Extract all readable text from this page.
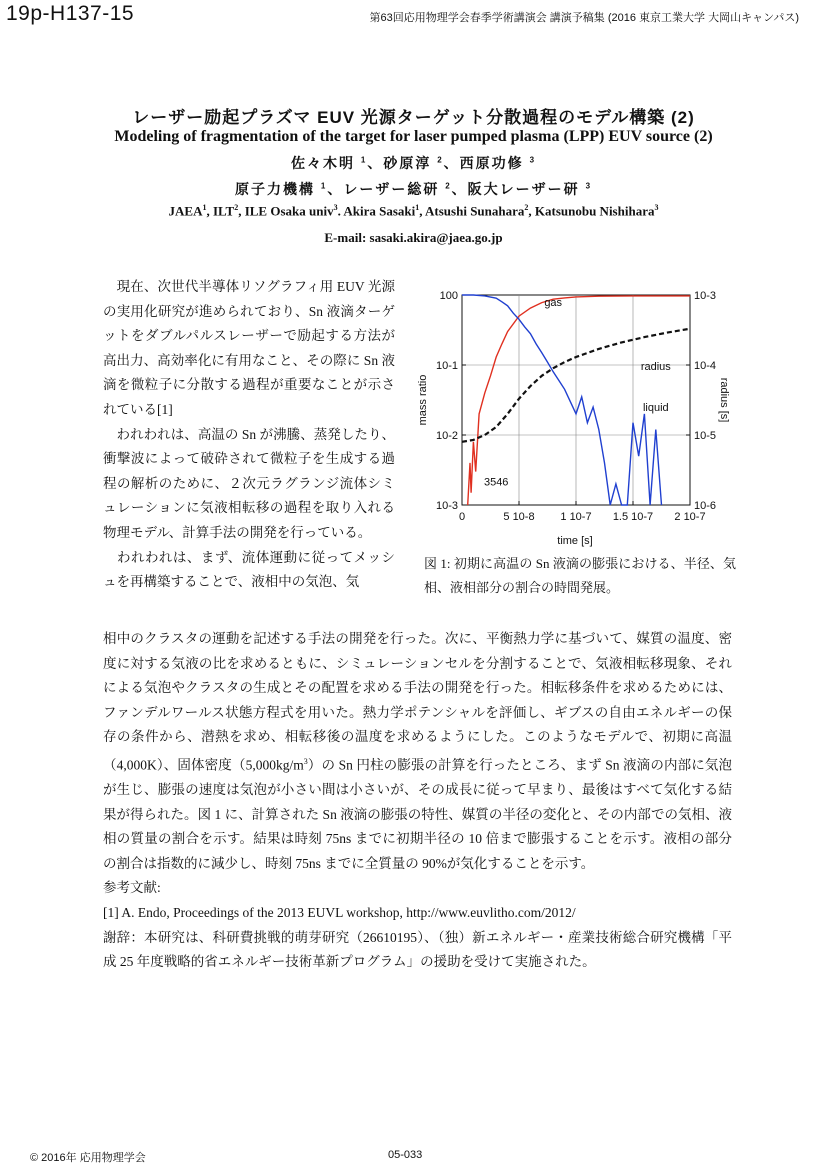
19p-H137-15	第63回応用物理学会春季学術講演会 講演予稿集 (2016 東京工業大学 大岡山キャンパス)
レーザー励起プラズマ EUV 光源ターゲット分散過程のモデル構築 (2)
Modeling of fragmentation of the target for laser pumped plasma (LPP) EUV source (2)
佐々木明 $^1$、砂原淳 $^2$、西原功修 $^3$
原子力機構 $^1$、レーザー総研 $^2$、阪大レーザー研 $^3$
JAEA$^1$, ILT$^2$, ILE Osaka univ$^3$. Akira Sasaki$^1$, Atsushi Sunahara$^2$, Katsunobu Nishihara$^3$
E-mail: sasaki.akira@jaea.go.jp

　現在、次世代半導体リソグラフィ用 EUV 光源の実用化研究が進められており、Sn 液滴ターゲットをダブルパルスレーザーで励起する方法が高出力、高効率化に有用なこと、その際に Sn 液滴を微粒子に分散する過程が重要なことが示されている[1]

　われわれは、高温の Sn が沸騰、蒸発したり、衝撃波によって破砕されて微粒子を生成する過程の解析のために、２次元ラグランジ流体シミュレーションに気液相転移の過程を取り入れる物理モデル、計算手法の開発を行っている。

　われわれは、まず、流体運動に従ってメッシュを再構築することで、液相中の気泡、気

0	5 10-8 1 10-7 1.5 10-7 2 10-7
10-3
10-2
10-1
100
10-6
10-5
10-4
10-3
gas
radius
liquid
3546
time [s]
mass ratio	radius [s]
図 1: 初期に高温の Sn 液滴の膨張における、半径、気相、液相部分の割合の時間発展。

相中のクラスタの運動を記述する手法の開発を行った。次に、平衡熱力学に基づいて、媒質の温度、密度に対する気液の比を求めるともに、シミュレーションセルを分割することで、気液相転移現象、それによる気泡やクラスタの生成とその配置を求める手法の開発を行った。相転移条件を求めるためには、ファンデルワールス状態方程式を用いた。熱力学ポテンシャルを評価し、ギブスの自由エネルギーの保存の条件から、潜熱を求め、相転移後の温度を求めるようにした。このようなモデルで、初期に高温（4,000K）、固体密度$(5,000kg/m^3)$の Sn 円柱の膨張の計算を行ったところ、まず Sn 液滴の内部に気泡が生じ、膨張の速度は気泡が小さい間は小さいが、その成長に従って早まり、最後はすべて気化する結果が得られた。図 1 に、計算された Sn 液滴の膨張の特性、媒質の半径の変化と、その内部での気相、液相の質量の割合を示す。結果は時刻 75ns までに初期半径の 10 倍まで膨張することを示す。液相の部分の割合は指数的に減少し、時刻 75ns までに全質量の 90%が気化することを示す。

参考文献:

[1] A. Endo, Proceedings of the 2013 EUVL workshop, http://www.euvlitho.com/2012/

謝辞：本研究は、科研費挑戦的萌芽研究（26610195）、（独）新エネルギー・産業技術総合研究機構「平成 25 年度戦略的省エネルギー技術革新プログラム」の援助を受けて実施された。

© 2016年 応用物理学会	05-033
